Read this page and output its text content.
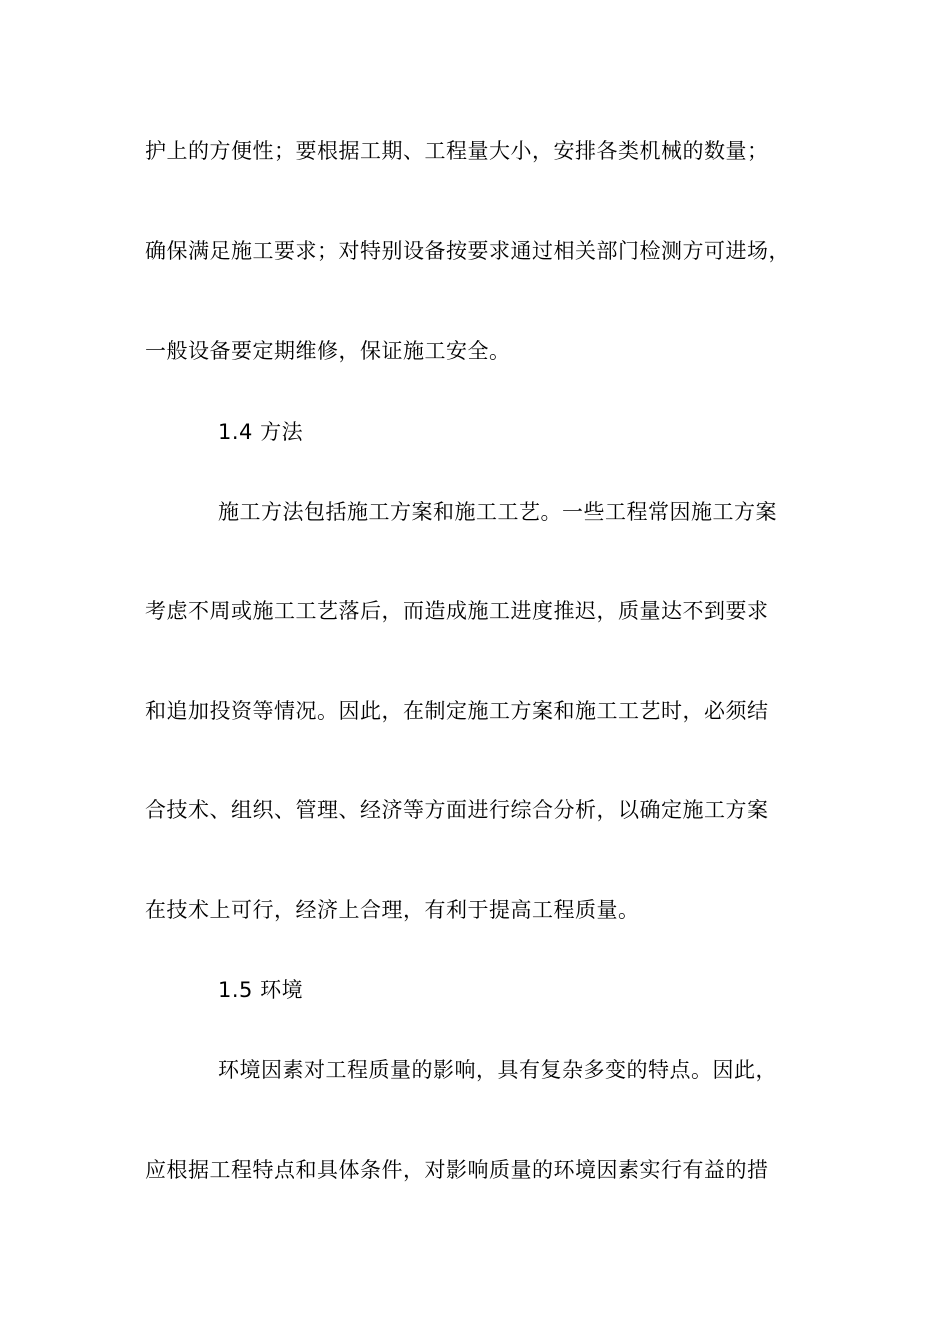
护上的方便性；要根据工期、工程量大小，安排各类机械的数量；
确保满足施工要求；对特别设备按要求通过相关部门检测方可进场，
一般设备要定期维修，保证施工安全。
1.4 方法
施工方法包括施工方案和施工工艺。一些工程常因施工方案
考虑不周或施工工艺落后，而造成施工进度推迟，质量达不到要求
和追加投资等情况。因此，在制定施工方案和施工工艺时，必须结
合技术、组织、管理、经济等方面进行综合分析，以确定施工方案
在技术上可行，经济上合理，有利于提高工程质量。
1.5 环境
环境因素对工程质量的影响，具有复杂多变的特点。因此，
应根据工程特点和具体条件，对影响质量的环境因素实行有益的措
